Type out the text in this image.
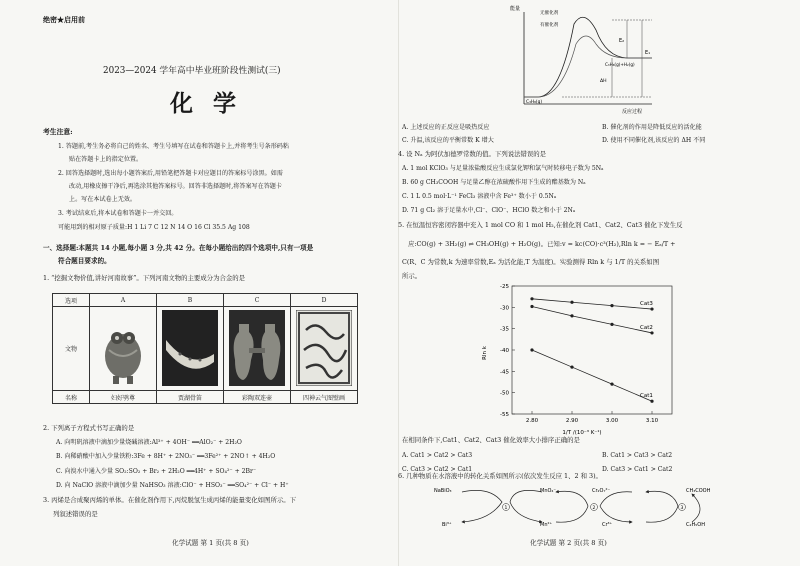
绝密★启用前
2023—2024 学年高中毕业班阶段性测试(三)
化学
考生注意:
1. 答题前,考生务必将自己的姓名、考生号填写在试卷和答题卡上,并将考生号条形码粘
贴在答题卡上的指定位置。
2. 回答选择题时,选出每小题答案后,用铅笔把答题卡对应题目的答案标号涂黑。如需
改动,用橡皮擦干净后,再选涂其他答案标号。回答非选择题时,将答案写在答题卡
上。写在本试卷上无效。
3. 考试结束后,将本试卷和答题卡一并交回。
可能用到的相对原子质量:H 1 Li 7 C 12 N 14 O 16 Cl 35.5 Ag 108
一、选择题:本题共 14 小题,每小题 3 分,共 42 分。在每小题给出的四个选项中,只有一项是
符合题目要求的。
1. “挖掘文物价值,讲好河南故事”。下列河南文物的主要成分为合金的是
选项	A	B	C	D
文物				
名称	妇好鸮尊	贾湖骨笛	彩陶双连壶	四神云气图壁画
2. 下列离子方程式书写正确的是
A. 向明矾溶液中滴加少量烧碱溶液:Al³⁺ + 4OH⁻ ══AlO₂⁻ + 2H₂O
B. 向稀硝酸中加入少量铁粉:3Fe + 8H⁺ + 2NO₃⁻ ══3Fe²⁺ + 2NO↑ + 4H₂O
C. 向溴水中通入少量 SO₂:SO₂ + Br₂ + 2H₂O ══4H⁺ + SO₄²⁻ + 2Br⁻
D. 向 NaClO 溶液中滴加少量 NaHSO₃ 溶液:ClO⁻ + HSO₃⁻ ══SO₄²⁻ + Cl⁻ + H⁺
3. 丙烯是合成聚丙烯的单体。在催化剂作用下,丙烷脱氢生成丙烯的能量变化如图所示。下
列叙述错误的是
化学试题 第 1 页(共 8 页)
能量
反应过程
无催化剂
有催化剂
E₂
E₁
C₃H₆(g)+H₂(g)
ΔH
C₃H₈(g)
A. 上述反应的正反应是吸热反应	B. 催化剂的作用是降低反应的活化能
C. 升温,该反应的平衡常数 K 增大	D. 使用不同催化剂,该反应的 ΔH 不同
4. 设 Nₐ 为阿伏加德罗常数的值。下列说法错误的是
A. 1 mol KClO₃ 与足量浓盐酸反应生成氯化钾和氯气时转移电子数为 5Nₐ
B. 60 g CH₃COOH 与足量乙醇在浓硫酸作用下生成的酯基数为 Nₐ
C. 1 L 0.5 mol·L⁻¹ FeCl₃ 溶液中含 Fe³⁺ 数小于 0.5Nₐ
D. 71 g Cl₂ 溶于足量水中,Cl⁻、ClO⁻、HClO 数之和小于 2Nₐ
5. 在恒温恒容密闭容器中充入 1 mol CO 和 1 mol H₂,在催化剂 Cat1、Cat2、Cat3 催化下发生反
应:CO(g) + 3H₂(g) ⇌ CH₃OH(g) + H₂O(g)。已知:v = kc(CO)·c³(H₂),Rln k = − Eₐ/T +
C(R、C 为常数,k 为速率常数,Eₐ 为活化能,T 为温度)。实验测得 Rln k 与 1/T 的关系如图
所示。
2.80	2.90	3.00	3.10
-25
-30
-35
-40
-45
-50
-55
Cat3
Cat2
Cat1
1/T /(10⁻³ K⁻¹)
Rln k
在相同条件下,Cat1、Cat2、Cat3 催化效率大小排序正确的是
A. Cat1 > Cat2 > Cat3	B. Cat1 > Cat3 > Cat2
C. Cat3 > Cat2 > Cat1	D. Cat3 > Cat1 > Cat2
6. 几种物质在水溶液中的转化关系如图所示(依次发生反应 1、2 和 3)。
NaBiO₃
Bi³⁺
MnO₄⁻
Mn²⁺
Cr₂O₇²⁻
Cr³⁺
CH₃COOH
C₂H₅OH
1	2	3
化学试题 第 2 页(共 8 页)
